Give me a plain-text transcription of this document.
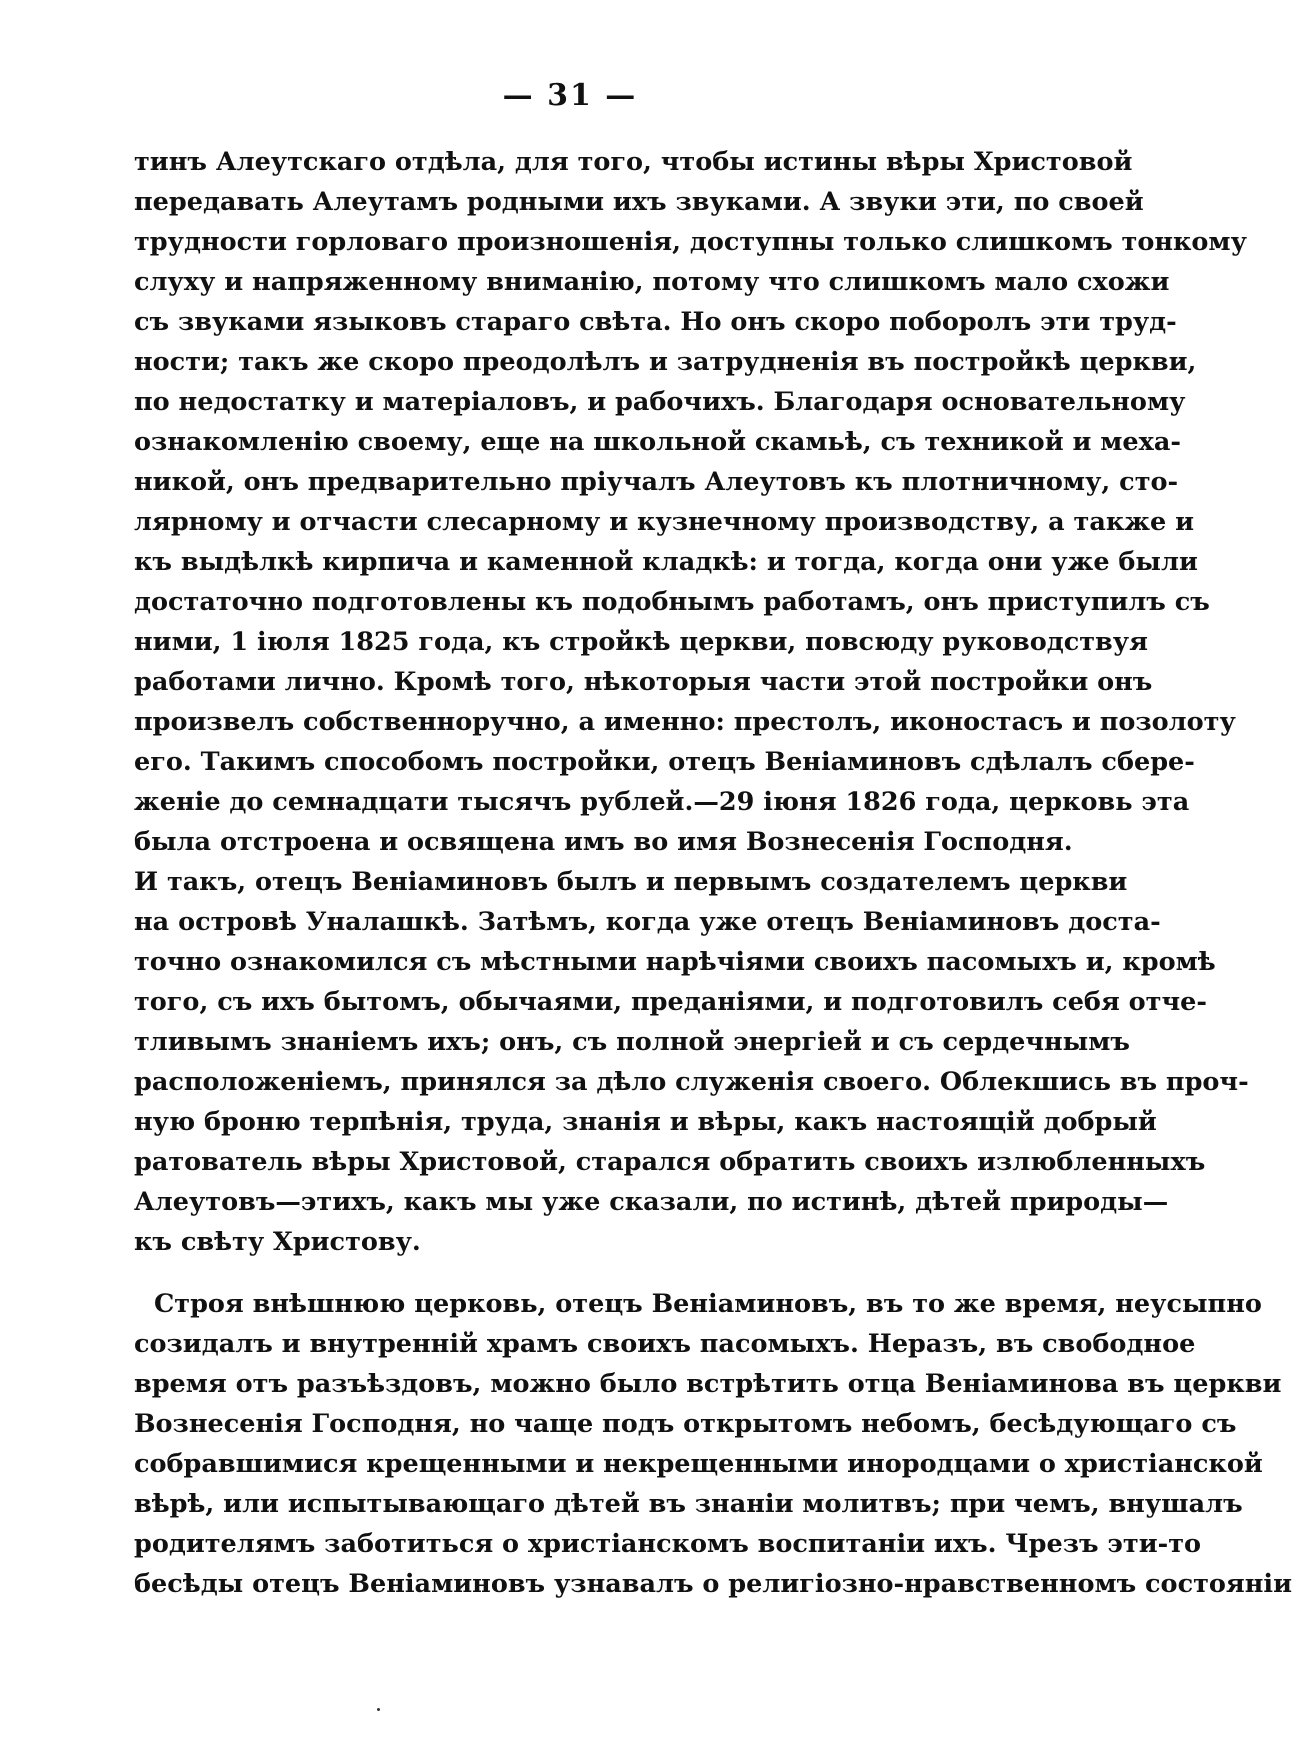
— 31 —
тинъ Алеутскаго отдѣла, для того, чтобы истины вѣры Христовой
передавать Алеутамъ родными ихъ звуками. А звуки эти, по своей
трудности горловаго произношенія, доступны только слишкомъ тонкому
слуху и напряженному вниманію, потому что слишкомъ мало схожи
съ звуками языковъ стараго свѣта. Но онъ скоро поборолъ эти труд-
ности; такъ же скоро преодолѣлъ и затрудненія въ постройкѣ церкви,
по недостатку и матеріаловъ, и рабочихъ. Благодаря основательному
ознакомленію своему, еще на школьной скамьѣ, съ техникой и меха-
никой, онъ предварительно пріучалъ Алеутовъ къ плотничному, сто-
лярному и отчасти слесарному и кузнечному производству, а также и
къ выдѣлкѣ кирпича и каменной кладкѣ: и тогда, когда они уже были
достаточно подготовлены къ подобнымъ работамъ, онъ приступилъ съ
ними, 1 іюля 1825 года, къ стройкѣ церкви, повсюду руководствуя
работами лично. Кромѣ того, нѣкоторыя части этой постройки онъ
произвелъ собственноручно, а именно: престолъ, иконостасъ и позолоту
его. Такимъ способомъ постройки, отецъ Веніаминовъ сдѣлалъ сбере-
женіе до семнадцати тысячъ рублей.—29 іюня 1826 года, церковь эта
была отстроена и освящена имъ во имя Вознесенія Господня.
И такъ, отецъ Веніаминовъ былъ и первымъ создателемъ церкви
на островѣ Уналашкѣ. Затѣмъ, когда уже отецъ Веніаминовъ доста-
точно ознакомился съ мѣстными нарѣчіями своихъ пасомыхъ и, кромѣ
того, съ ихъ бытомъ, обычаями, преданіями, и подготовилъ себя отче-
тливымъ знаніемъ ихъ; онъ, съ полной энергіей и съ сердечнымъ
расположеніемъ, принялся за дѣло служенія своего. Облекшись въ проч-
ную броню терпѣнія, труда, знанія и вѣры, какъ настоящій добрый
ратователь вѣры Христовой, старался обратить своихъ излюбленныхъ
Алеутовъ—этихъ, какъ мы уже сказали, по истинѣ, дѣтей природы—
къ свѣту Христову.
Строя внѣшнюю церковь, отецъ Веніаминовъ, въ то же время, неусыпно
созидалъ и внутренній храмъ своихъ пасомыхъ. Неразъ, въ свободное
время отъ разъѣздовъ, можно было встрѣтить отца Веніаминова въ церкви
Вознесенія Господня, но чаще подъ открытомъ небомъ, бесѣдующаго съ
собравшимися крещенными и некрещенными инородцами о христіанской
вѣрѣ, или испытывающаго дѣтей въ знаніи молитвъ; при чемъ, внушалъ
родителямъ заботиться о христіанскомъ воспитаніи ихъ. Чрезъ эти-то
бесѣды отецъ Веніаминовъ узнавалъ о религіозно-нравственномъ состояніи
